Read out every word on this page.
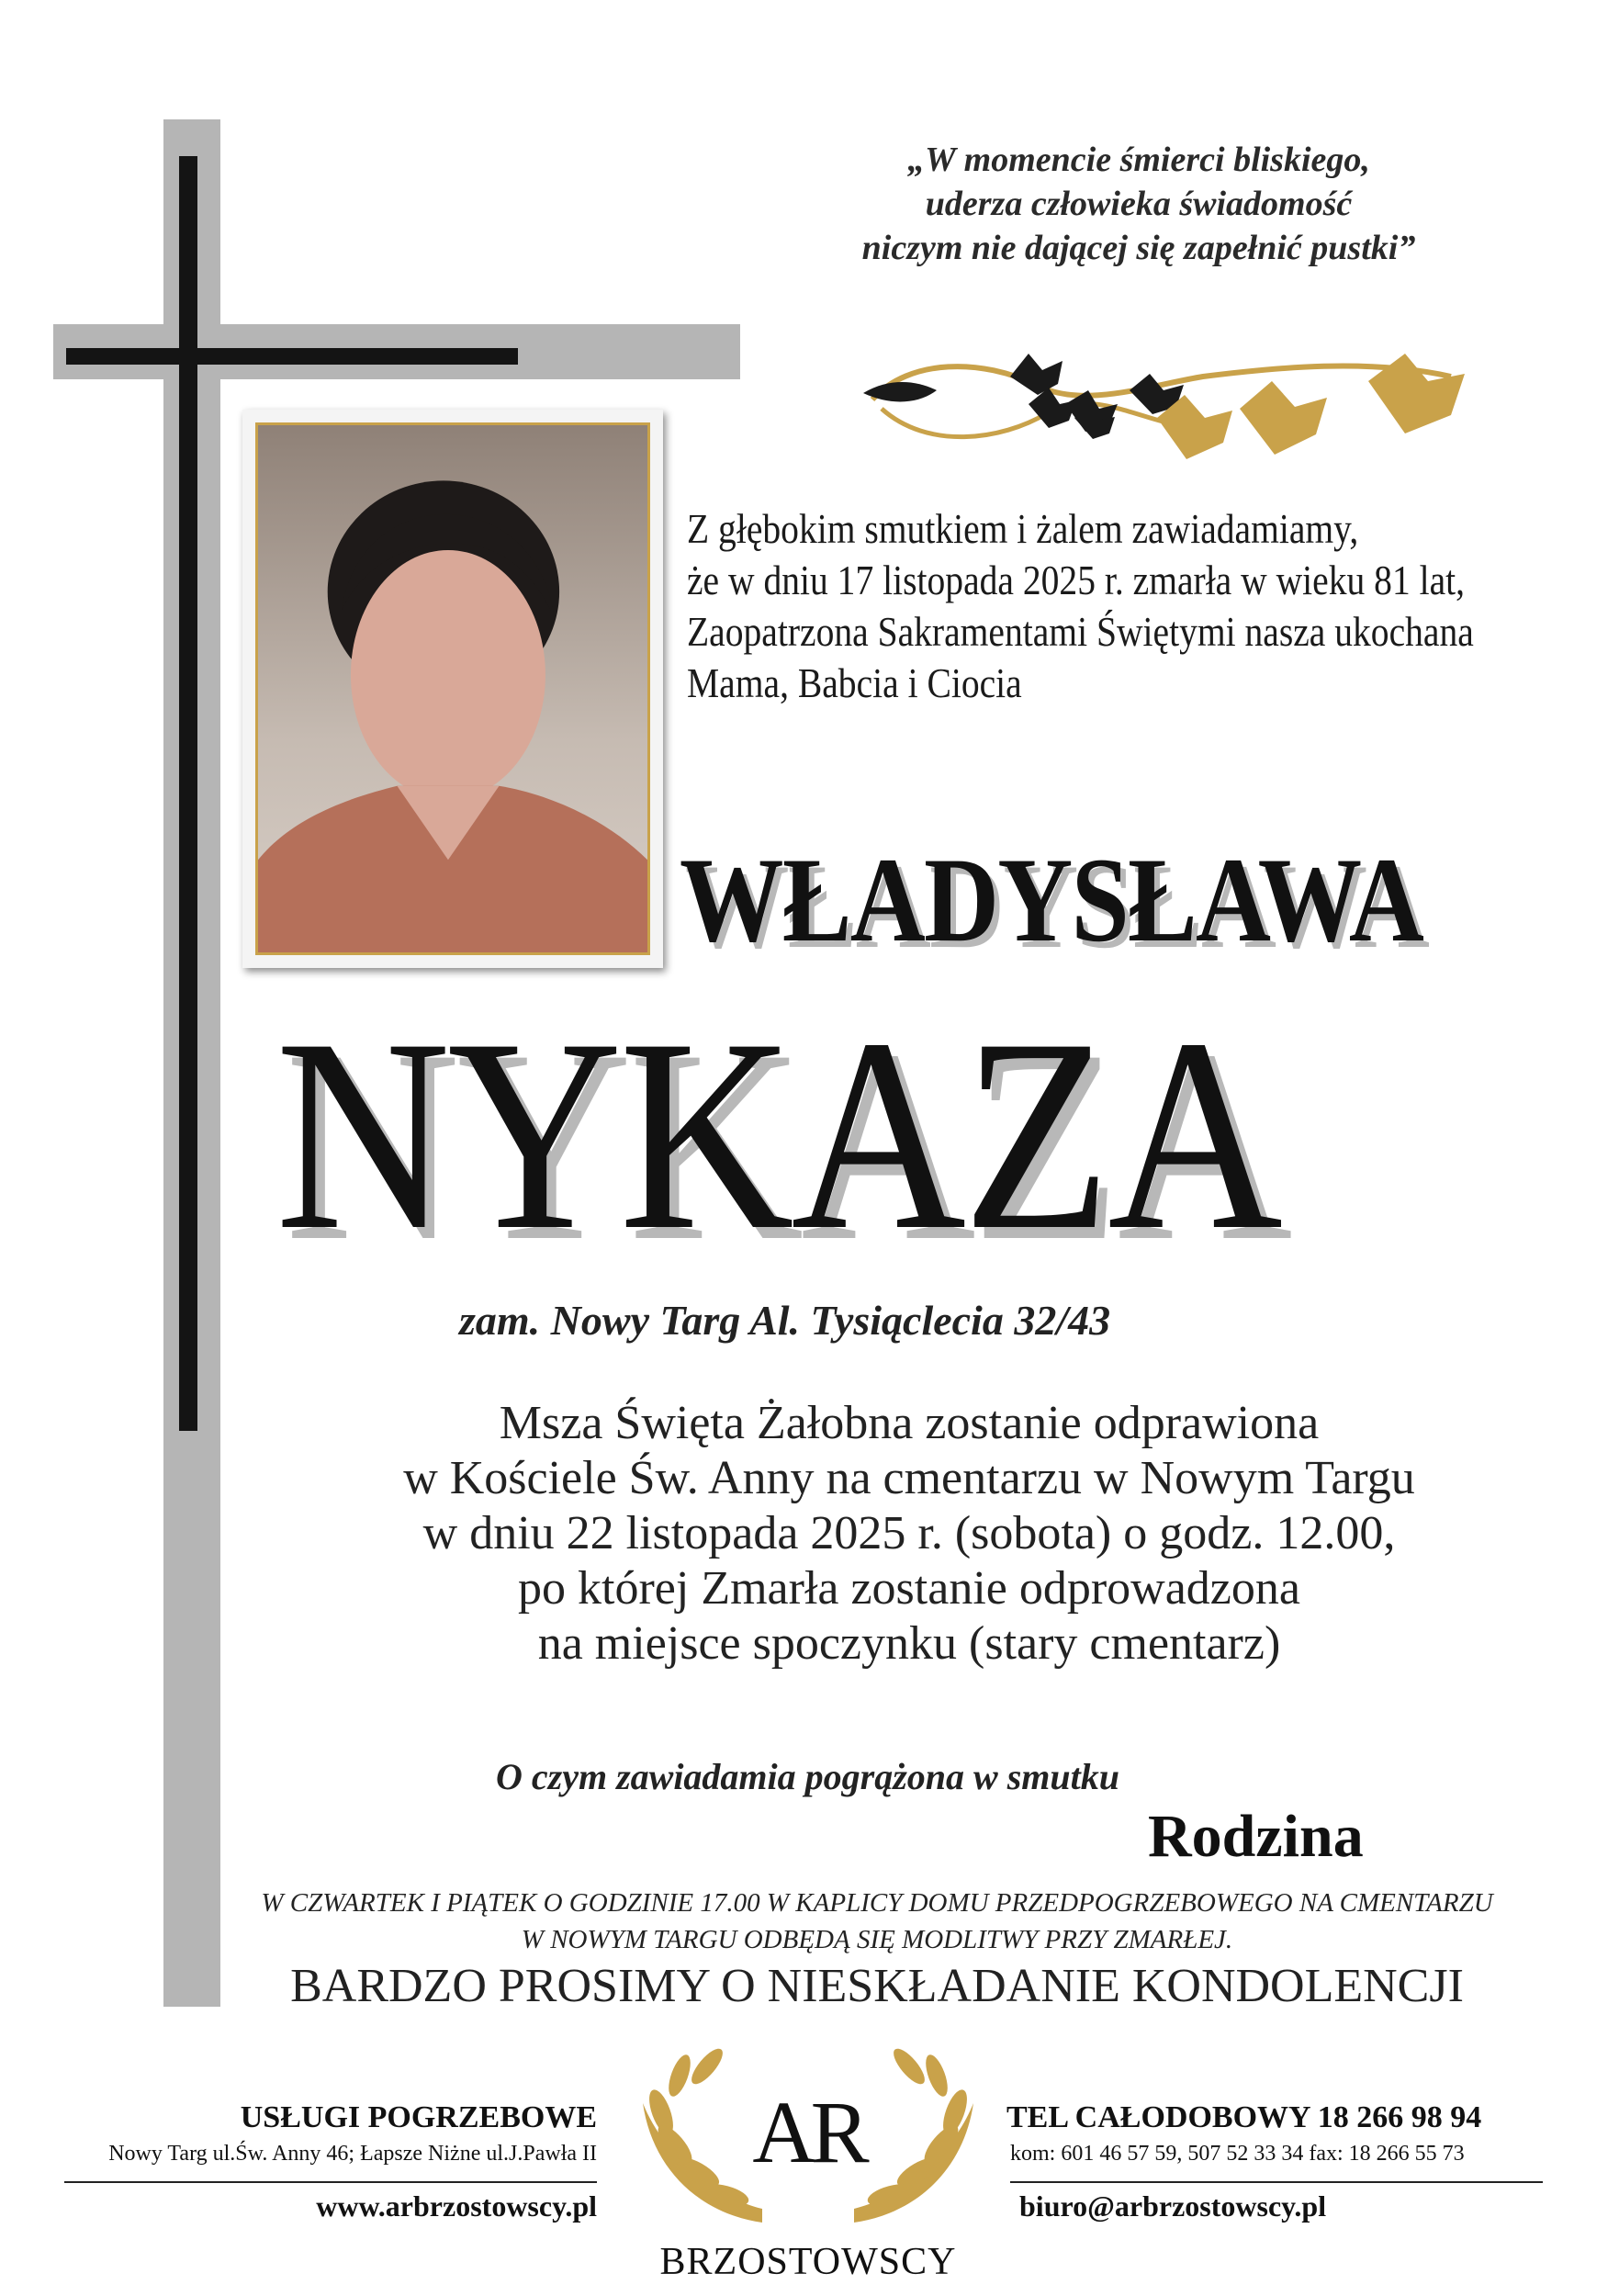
„W momencie śmierci bliskiego,
uderza człowieka świadomość
niczym nie dającej się zapełnić pustki”
Z głębokim smutkiem i żalem zawiadamiamy,
że w dniu 17 listopada 2025 r. zmarła w wieku 81 lat,
Zaopatrzona Sakramentami Świętymi nasza ukochana
Mama, Babcia i Ciocia
WŁADYSŁAWA
NYKAZA
zam. Nowy Targ Al. Tysiąclecia 32/43
Msza Święta Żałobna zostanie odprawiona
w Kościele Św. Anny na cmentarzu w Nowym Targu
w dniu 22 listopada 2025 r. (sobota) o godz. 12.00,
po której Zmarła zostanie odprowadzona
na miejsce spoczynku (stary cmentarz)
O czym zawiadamia pogrążona w smutku
Rodzina
W CZWARTEK I PIĄTEK O GODZINIE 17.00 W KAPLICY DOMU PRZEDPOGRZEBOWEGO NA CMENTARZU
W NOWYM TARGU ODBĘDĄ SIĘ MODLITWY PRZY ZMARŁEJ.
BARDZO PROSIMY O NIESKŁADANIE KONDOLENCJI
USŁUGI POGRZEBOWE
Nowy Targ ul.Św. Anny 46; Łapsze Niżne ul.J.Pawła II
www.arbrzostowscy.pl
AR
BRZOSTOWSCY
TEL CAŁODOBOWY 18 266 98 94
kom: 601 46 57 59, 507 52 33 34 fax: 18 266 55 73
biuro@arbrzostowscy.pl
